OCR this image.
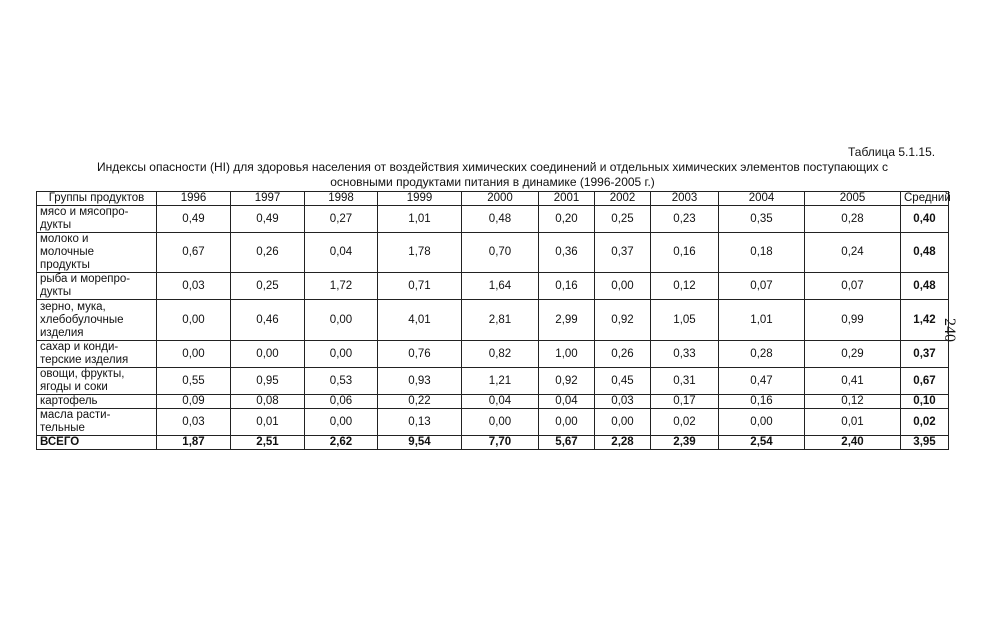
Таблица 5.1.15.
Индексы опасности (HI) для здоровья населения от воздействия химических соединений и отдельных химических элементов поступающих с
основными продуктами питания в динамике (1996-2005 г.)
240
Группы продуктов	1996	1997	1998	1999	2000	2001	2002	2003	2004	2005	Средний
мясо и мясопро-
дукты	0,49	0,49	0,27	1,01	0,48	0,20	0,25	0,23	0,35	0,28	0,40
молоко и
молочные
продукты	0,67	0,26	0,04	1,78	0,70	0,36	0,37	0,16	0,18	0,24	0,48
рыба и морепро-
дукты	0,03	0,25	1,72	0,71	1,64	0,16	0,00	0,12	0,07	0,07	0,48
зерно, мука,
хлебобулочные
изделия	0,00	0,46	0,00	4,01	2,81	2,99	0,92	1,05	1,01	0,99	1,42
сахар и конди-
терские изделия	0,00	0,00	0,00	0,76	0,82	1,00	0,26	0,33	0,28	0,29	0,37
овощи, фрукты,
ягоды и соки	0,55	0,95	0,53	0,93	1,21	0,92	0,45	0,31	0,47	0,41	0,67
картофель	0,09	0,08	0,06	0,22	0,04	0,04	0,03	0,17	0,16	0,12	0,10
масла расти-
тельные	0,03	0,01	0,00	0,13	0,00	0,00	0,00	0,02	0,00	0,01	0,02
ВСЕГО	1,87	2,51	2,62	9,54	7,70	5,67	2,28	2,39	2,54	2,40	3,95
